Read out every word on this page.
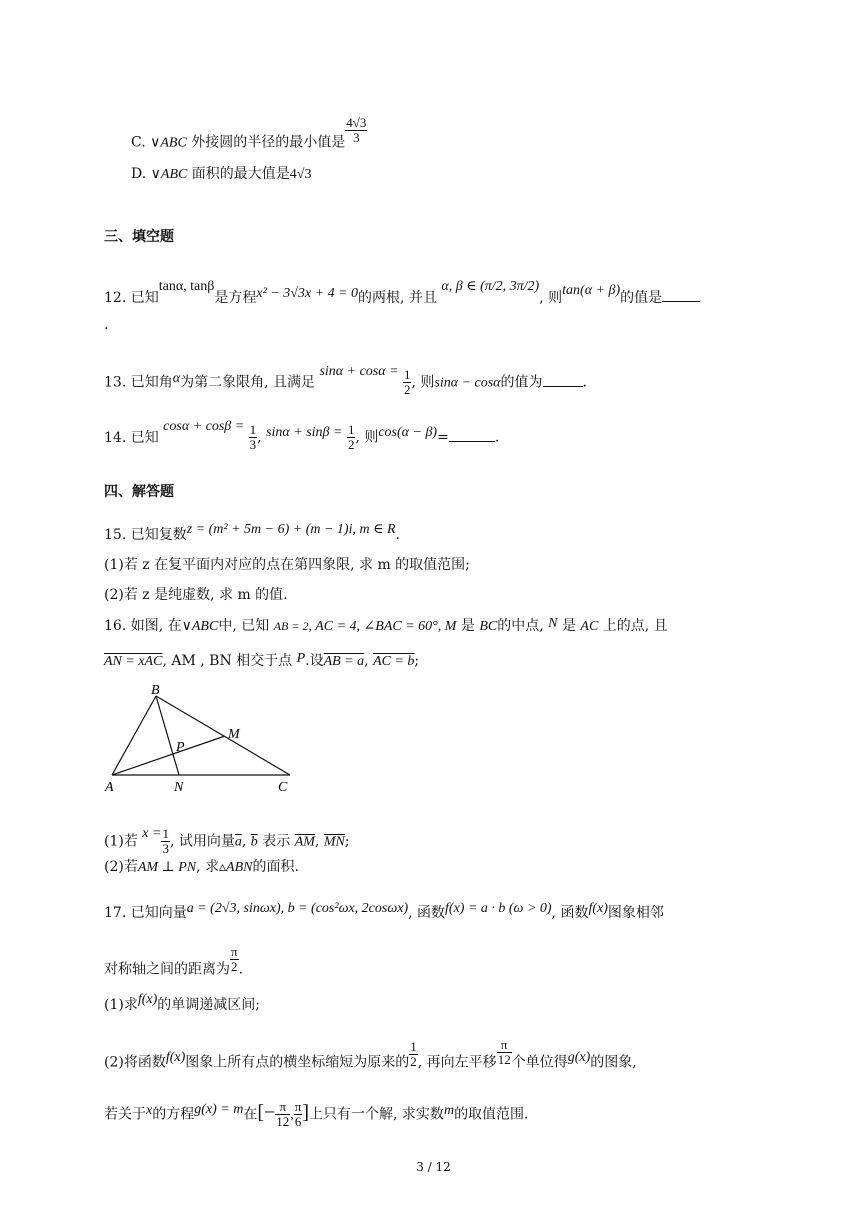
C. ∨ABC 外接圆的半径的最小值是 $\frac{4√3}{3}$
D. ∨ABC 面积的最大值是4√3
三、填空题
12. 已知tanα, tanβ是方程x² − 3√3x + 4 = 0的两根, 并且 α, β ∈ (π/2, 3π/2), 则tan(α + β)的值是
.
13. 已知角α为第二象限角, 且满足 $\sin\alpha + \cos\alpha = \frac{1}{2}$ , 则sinα − cosα的值为	.
14. 已知 $\cos\alpha + \cos\beta = \frac{1}{3}$ , $\sin\alpha + \sin\beta = \frac{1}{2}$ , 则cos(α − β)=	.
四、解答题
15. 已知复数z = (m² + 5m − 6) + (m − 1)i, m ∈ R.
(1)若 z 在复平面内对应的点在第四象限, 求 m 的取值范围;
(2)若 z 是纯虚数, 求 m 的值.
16. 如图, 在∨ABC中, 已知 AB = 2, AC = 4, ∠BAC = 60°, M 是 BC的中点, N 是 AC 上的点, 且
AN = xAC, AM , BN 相交于点 P.设AB = a, AC = b;
B
M
P
A	N	C
(1)若 $x = \frac{1}{3}$ , 试用向量$\overline{a}$, $\overline{b}$ 表示 $\overline{AM}$, $\overline{MN}$;
(2)若AM ⊥ PN, 求▵ABN的面积.
17. 已知向量a = (2√3, sinωx), b = (cos²ωx, 2cosωx), 函数f(x) = a · b (ω > 0), 函数f(x)图象相邻
对称轴之间的距离为 $\frac{\pi}{2}$ .
(1)求f(x)的单调递减区间;
(2)将函数f(x)图象上所有点的横坐标缩短为原来的 $\frac{1}{2}$ , 再向左平移 $\frac{\pi}{12}$ 个单位得g(x)的图象,
若关于x的方程g(x) = m在[− $\frac{\pi}{12}$ , $\frac{\pi}{6}$ ]上只有一个解, 求实数m的取值范围.
3 / 12
